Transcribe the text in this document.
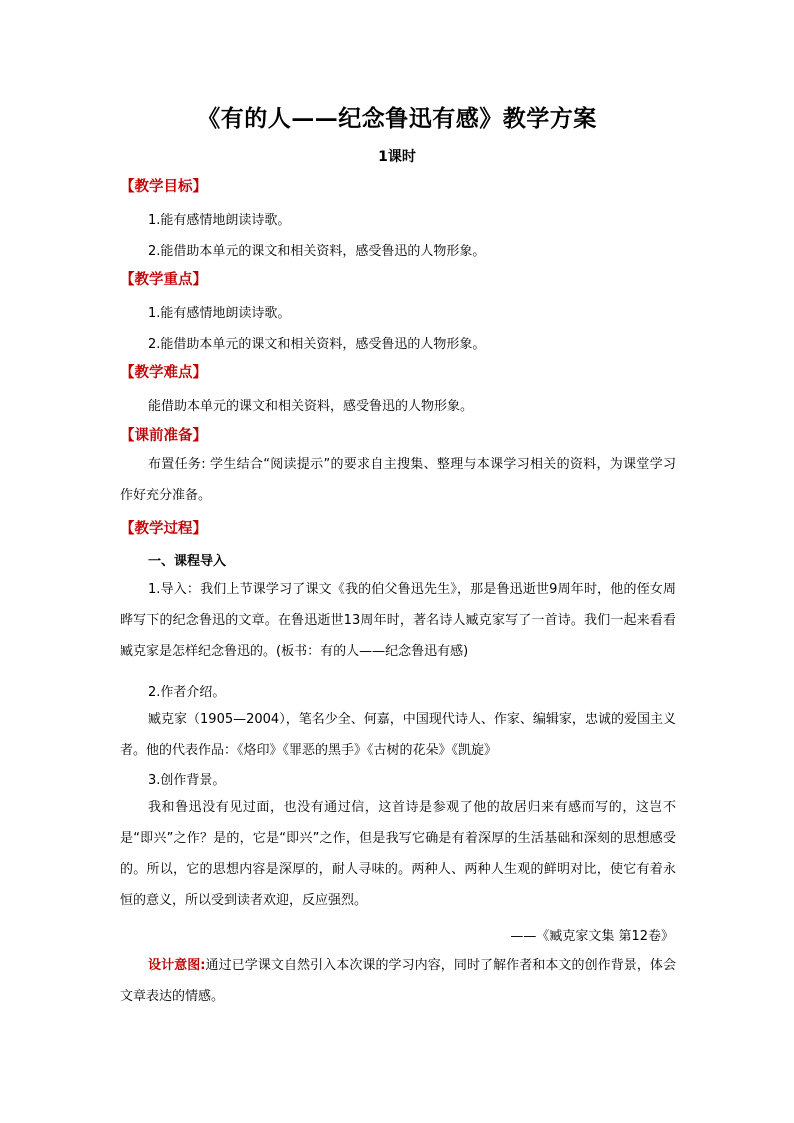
《有的人——纪念鲁迅有感》教学方案
1课时
【教学目标】
1.能有感情地朗读诗歌。
2.能借助本单元的课文和相关资料，感受鲁迅的人物形象。
【教学重点】
1.能有感情地朗读诗歌。
2.能借助本单元的课文和相关资料，感受鲁迅的人物形象。
【教学难点】
能借助本单元的课文和相关资料，感受鲁迅的人物形象。
【课前准备】
布置任务: 学生结合“阅读提示”的要求自主搜集、整理与本课学习相关的资料，为课堂学习作好充分准备。
【教学过程】
一、课程导入
1.导入：我们上节课学习了课文《我的伯父鲁迅先生》，那是鲁迅逝世9周年时，他的侄女周晔写下的纪念鲁迅的文章。在鲁迅逝世13周年时，著名诗人臧克家写了一首诗。我们一起来看看臧克家是怎样纪念鲁迅的。(板书：有的人——纪念鲁迅有感)
2.作者介绍。
臧克家（1905—2004），笔名少全、何嘉，中国现代诗人、作家、编辑家，忠诚的爱国主义者。他的代表作品：《烙印》《罪恶的黑手》《古树的花朵》《凯旋》
3.创作背景。
我和鲁迅没有见过面，也没有通过信，这首诗是参观了他的故居归来有感而写的，这岂不是“即兴”之作？是的，它是“即兴”之作，但是我写它确是有着深厚的生活基础和深刻的思想感受的。所以，它的思想内容是深厚的，耐人寻味的。两种人、两种人生观的鲜明对比，使它有着永恒的意义，所以受到读者欢迎，反应强烈。
——《臧克家文集 第12卷》
设计意图:通过已学课文自然引入本次课的学习内容，同时了解作者和本文的创作背景，体会文章表达的情感。
